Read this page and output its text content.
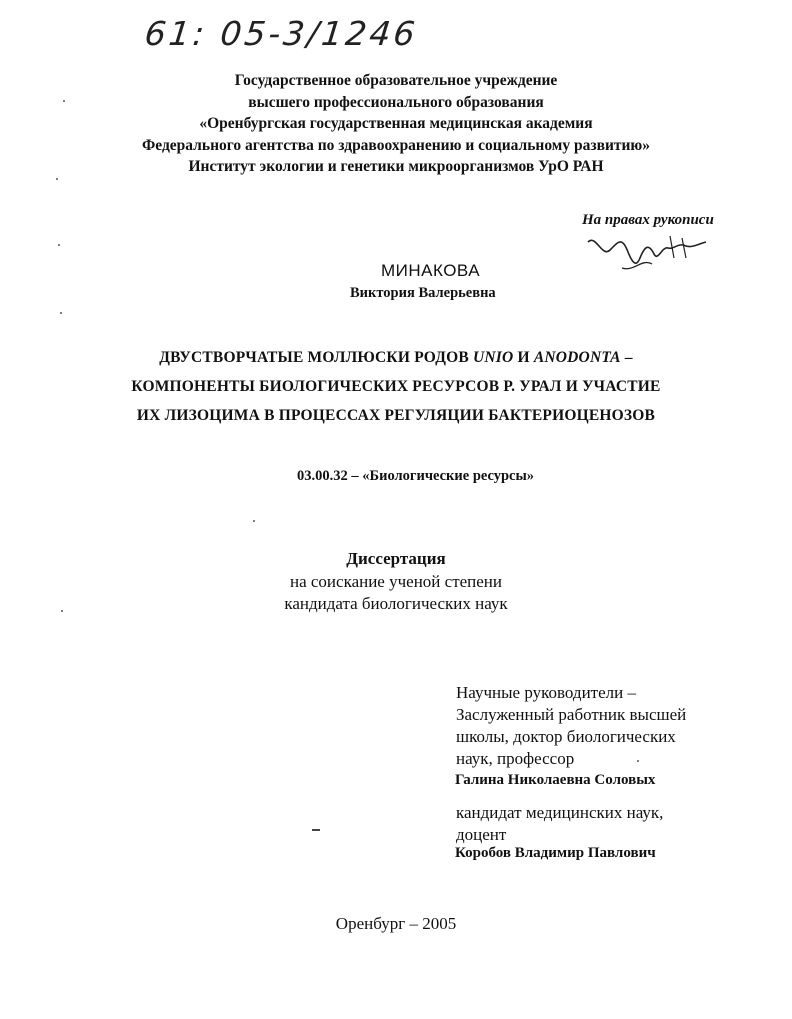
61: 05-3/1246
Государственное образовательное учреждение
высшего профессионального образования
«Оренбургская государственная медицинская академия
Федерального агентства по здравоохранению и социальному развитию»
Институт экологии и генетики микроорганизмов УрО РАН
На правах рукописи
МИНАКОВА
Виктория Валерьевна
ДВУСТВОРЧАТЫЕ МОЛЛЮСКИ РОДОВ UNIO И ANODONTA –
КОМПОНЕНТЫ БИОЛОГИЧЕСКИХ РЕСУРСОВ Р. УРАЛ И УЧАСТИЕ
ИХ ЛИЗОЦИМА В ПРОЦЕССАХ РЕГУЛЯЦИИ БАКТЕРИОЦЕНОЗОВ
03.00.32 – «Биологические ресурсы»
Диссертация
на соискание ученой степени
кандидата биологических наук
Научные руководители –
Заслуженный работник высшей
школы, доктор биологических
наук, профессор
Галина Николаевна Соловых
кандидат медицинских наук,
доцент
Коробов Владимир Павлович
Оренбург – 2005
